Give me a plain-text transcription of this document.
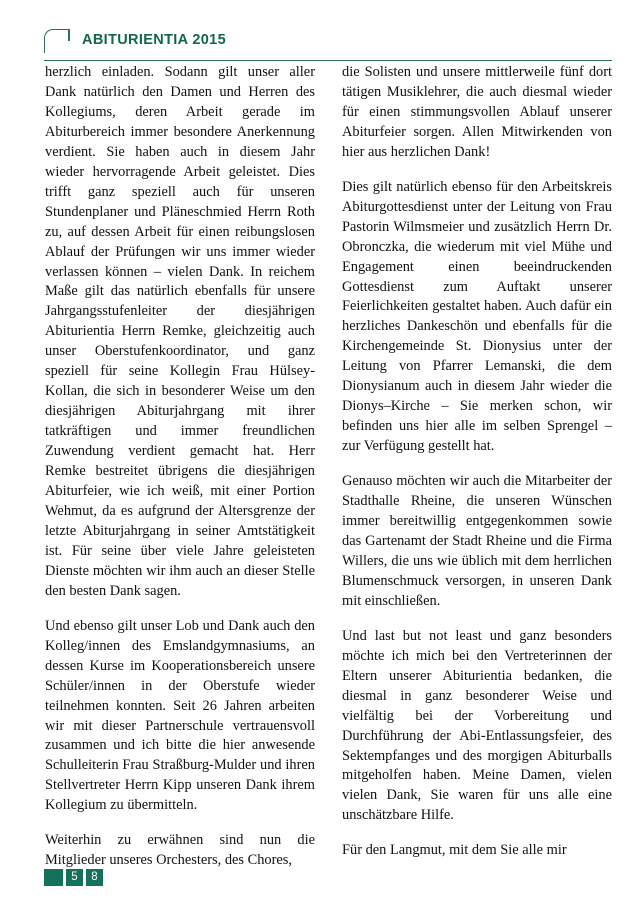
ABITURIENTIA 2015

herzlich einladen. Sodann gilt unser aller Dank natürlich den Damen und Herren des Kollegiums, deren Arbeit gerade im Abiturbereich immer besondere Anerkennung verdient. Sie haben auch in diesem Jahr wieder hervorragende Arbeit geleistet. Dies trifft ganz speziell auch für unseren Stundenplaner und Pläneschmied Herrn Roth zu, auf dessen Arbeit für einen reibungslosen Ablauf der Prüfungen wir uns immer wieder verlassen können – vielen Dank. In reichem Maße gilt das natürlich ebenfalls für unsere Jahrgangsstufenleiter der diesjährigen Abiturientia Herrn Remke, gleichzeitig auch unser Oberstufenkoordinator, und ganz speziell für seine Kollegin Frau Hülsey-Kollan, die sich in besonderer Weise um den diesjährigen Abiturjahrgang mit ihrer tatkräftigen und immer freundlichen Zuwendung verdient gemacht hat. Herr Remke bestreitet übrigens die diesjährigen Abiturfeier, wie ich weiß, mit einer Portion Wehmut, da es aufgrund der Altersgrenze der letzte Abiturjahrgang in seiner Amtstätigkeit ist. Für seine über viele Jahre geleisteten Dienste möchten wir ihm auch an dieser Stelle den besten Dank sagen.

Und ebenso gilt unser Lob und Dank auch den Kolleg/innen des Emslandgymnasiums, an dessen Kurse im Kooperationsbereich unsere Schüler/innen in der Oberstufe wieder teilnehmen konnten. Seit 26 Jahren arbeiten wir mit dieser Partnerschule vertrauensvoll zusammen und ich bitte die hier anwesende Schulleiterin Frau Straßburg-Mulder und ihren Stellvertreter Herrn Kipp unseren Dank ihrem Kollegium zu übermitteln.

Weiterhin zu erwähnen sind nun die Mitglieder unseres Orchesters, des Chores,

die Solisten und unsere mittlerweile fünf dort tätigen Musiklehrer, die auch diesmal wieder für einen stimmungsvollen Ablauf unserer Abiturfeier sorgen. Allen Mitwirkenden von hier aus herzlichen Dank!

Dies gilt natürlich ebenso für den Arbeitskreis Abiturgottesdienst unter der Leitung von Frau Pastorin Wilmsmeier und zusätzlich Herrn Dr. Obronczka, die wiederum mit viel Mühe und Engagement einen beeindruckenden Gottesdienst zum Auftakt unserer Feierlichkeiten gestaltet haben. Auch dafür ein herzliches Dankeschön und ebenfalls für die Kirchengemeinde St. Dionysius unter der Leitung von Pfarrer Lemanski, die dem Dionysianum auch in diesem Jahr wieder die Dionys–Kirche – Sie merken schon, wir befinden uns hier alle im selben Sprengel – zur Verfügung gestellt hat.

Genauso möchten wir auch die Mitarbeiter der Stadthalle Rheine, die unseren Wünschen immer bereitwillig entgegenkommen sowie das Gartenamt der Stadt Rheine und die Firma Willers, die uns wie üblich mit dem herrlichen Blumenschmuck versorgen, in unseren Dank mit einschließen.

Und last but not least und ganz besonders möchte ich mich bei den Vertreterinnen der Eltern unserer Abiturientia bedanken, die diesmal in ganz besonderer Weise und vielfältig bei der Vorbereitung und Durchführung der Abi-Entlassungsfeier, des Sektempfanges und des morgigen Abiturballs mitgeholfen haben. Meine Damen, vielen vielen Dank, Sie waren für uns alle eine unschätzbare Hilfe.

Für den Langmut, mit dem Sie alle mir

5	8
